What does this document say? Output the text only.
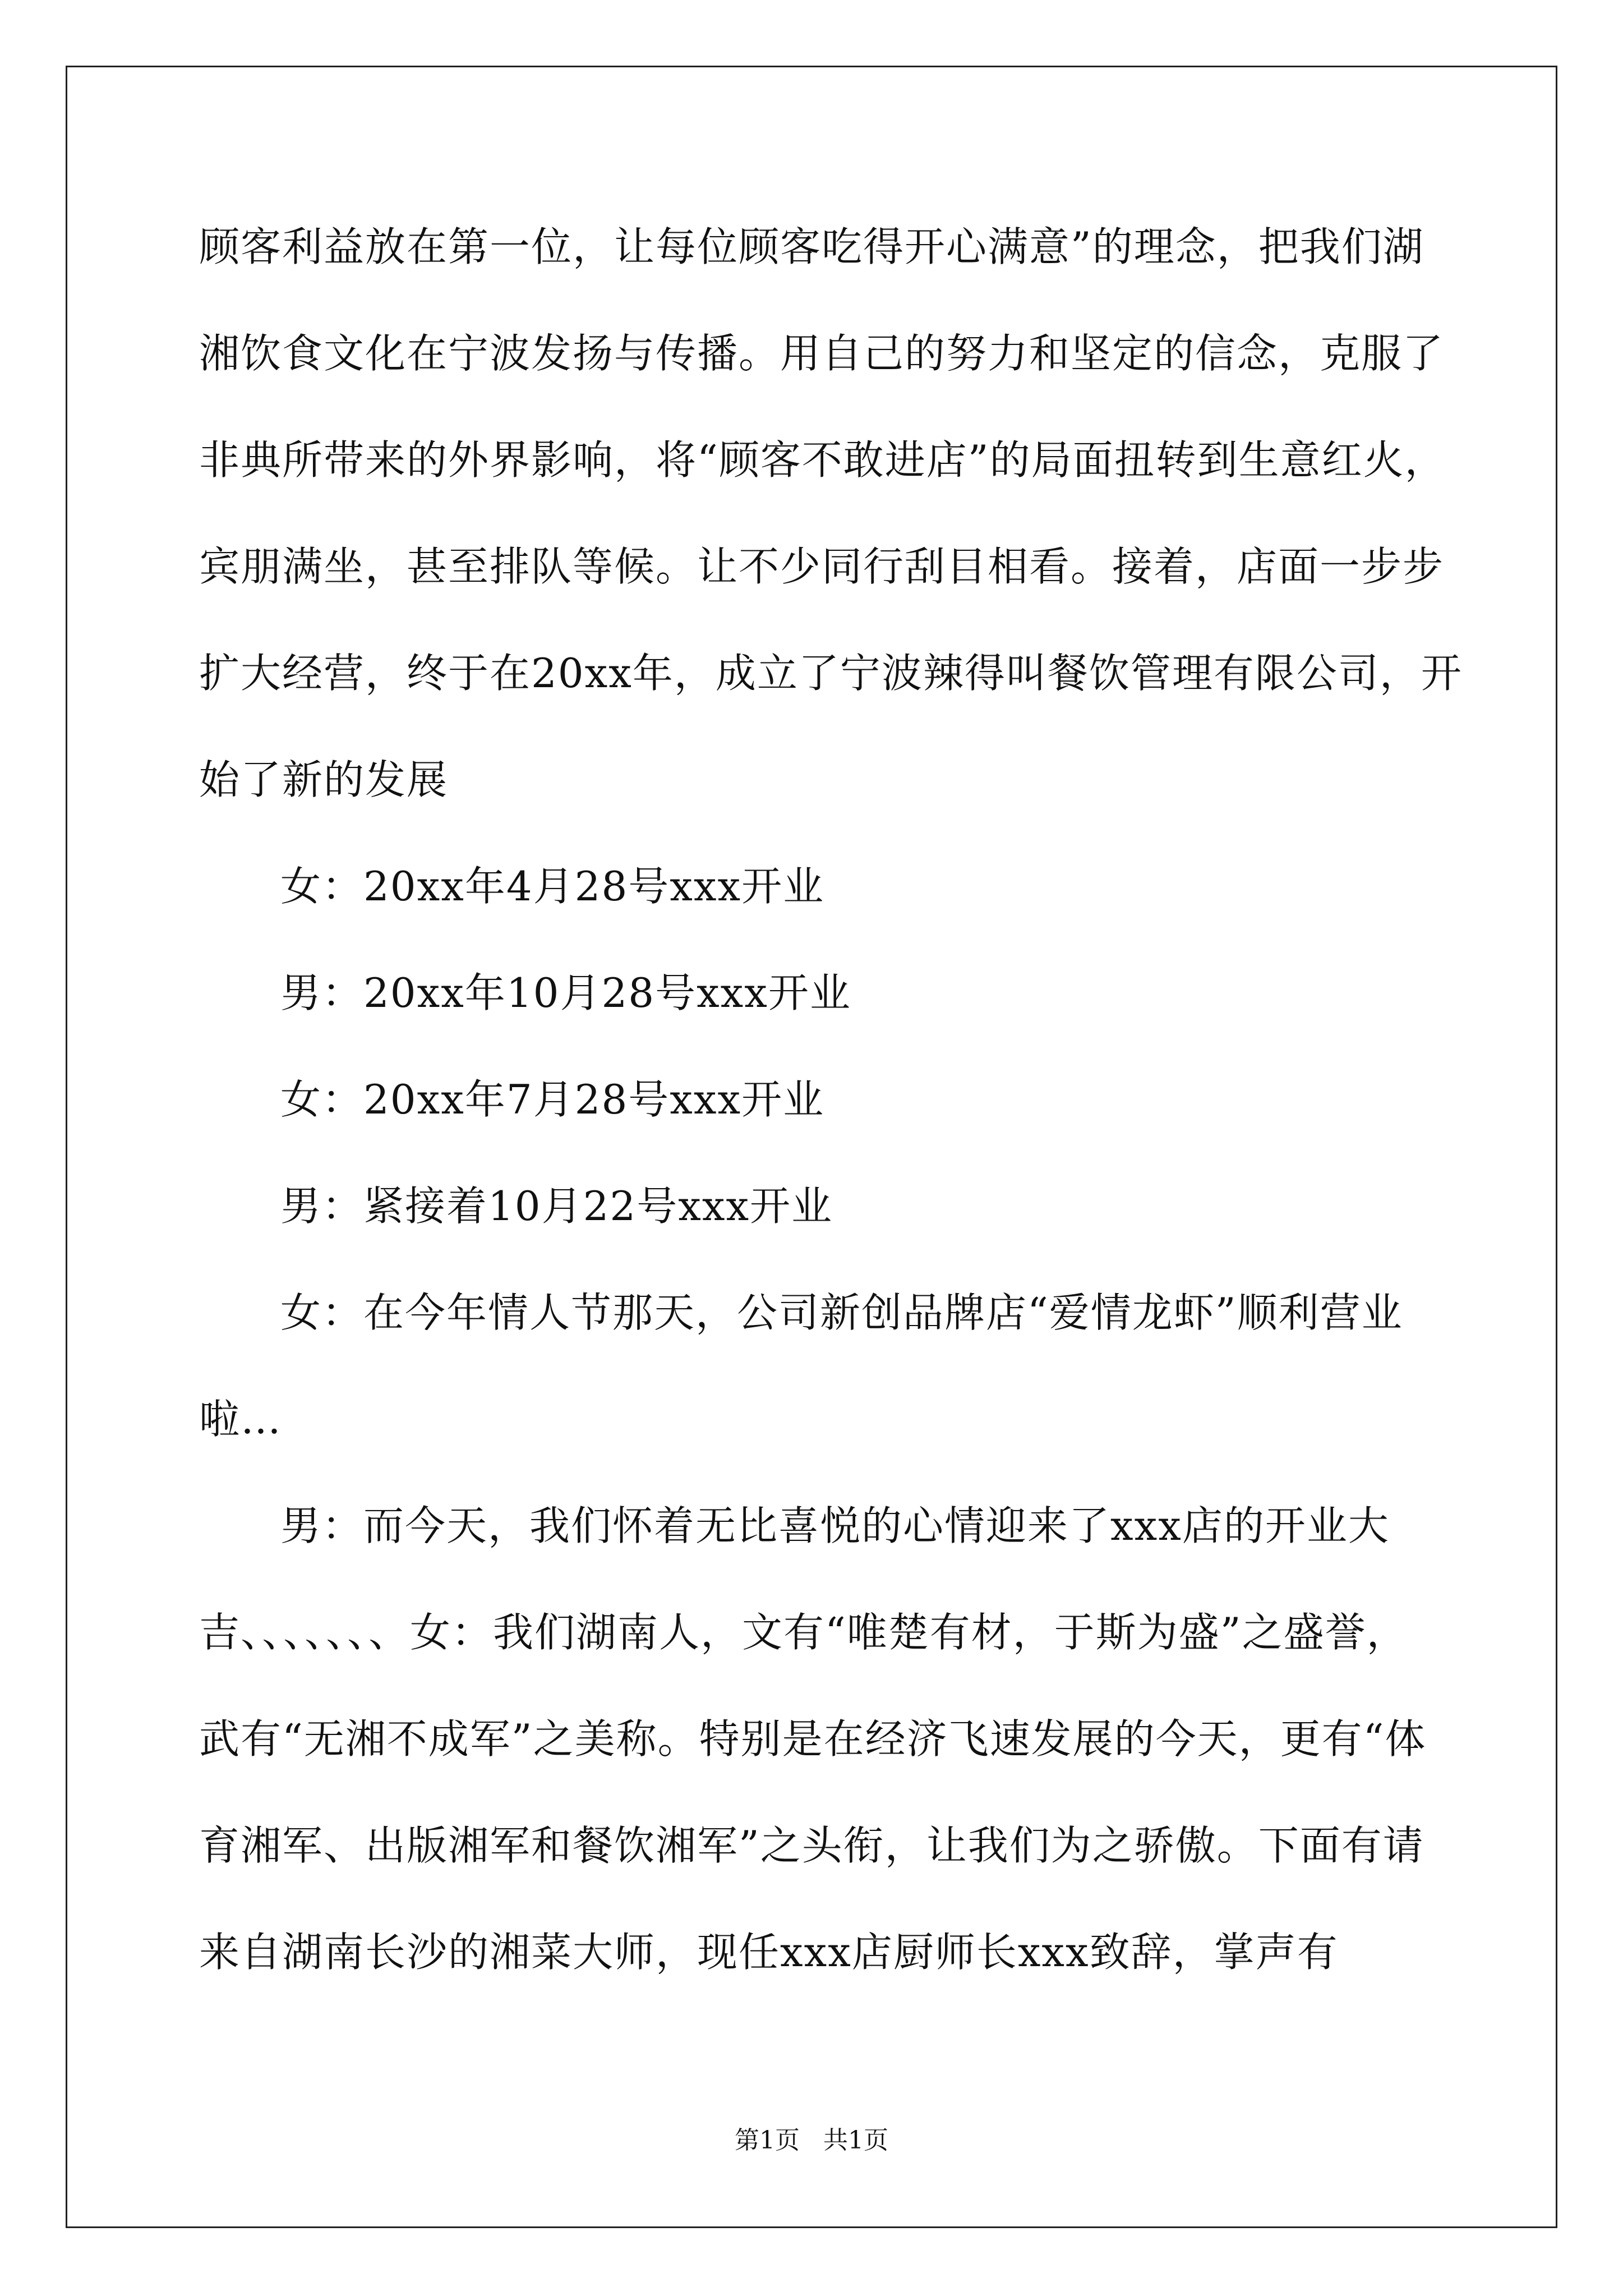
顾客利益放在第一位，让每位顾客吃得开心满意”的理念，把我们湖
湘饮食文化在宁波发扬与传播。用自己的努力和坚定的信念，克服了
非典所带来的外界影响，将“顾客不敢进店”的局面扭转到生意红火，
宾朋满坐，甚至排队等候。让不少同行刮目相看。接着，店面一步步
扩大经营，终于在20xx年，成立了宁波辣得叫餐饮管理有限公司，开
始了新的发展
女：20xx年4月28号xxx开业
男：20xx年10月28号xxx开业
女：20xx年7月28号xxx开业
男：紧接着10月22号xxx开业
女：在今年情人节那天，公司新创品牌店“爱情龙虾”顺利营业
啦…
男：而今天，我们怀着无比喜悦的心情迎来了xxx店的开业大
吉、、、、、、、女：我们湖南人，文有“唯楚有材，于斯为盛”之盛誉，
武有“无湘不成军”之美称。特别是在经济飞速发展的今天，更有“体
育湘军、出版湘军和餐饮湘军”之头衔，让我们为之骄傲。下面有请
来自湖南长沙的湘菜大师，现任xxx店厨师长xxx致辞，掌声有
第1页 共1页
